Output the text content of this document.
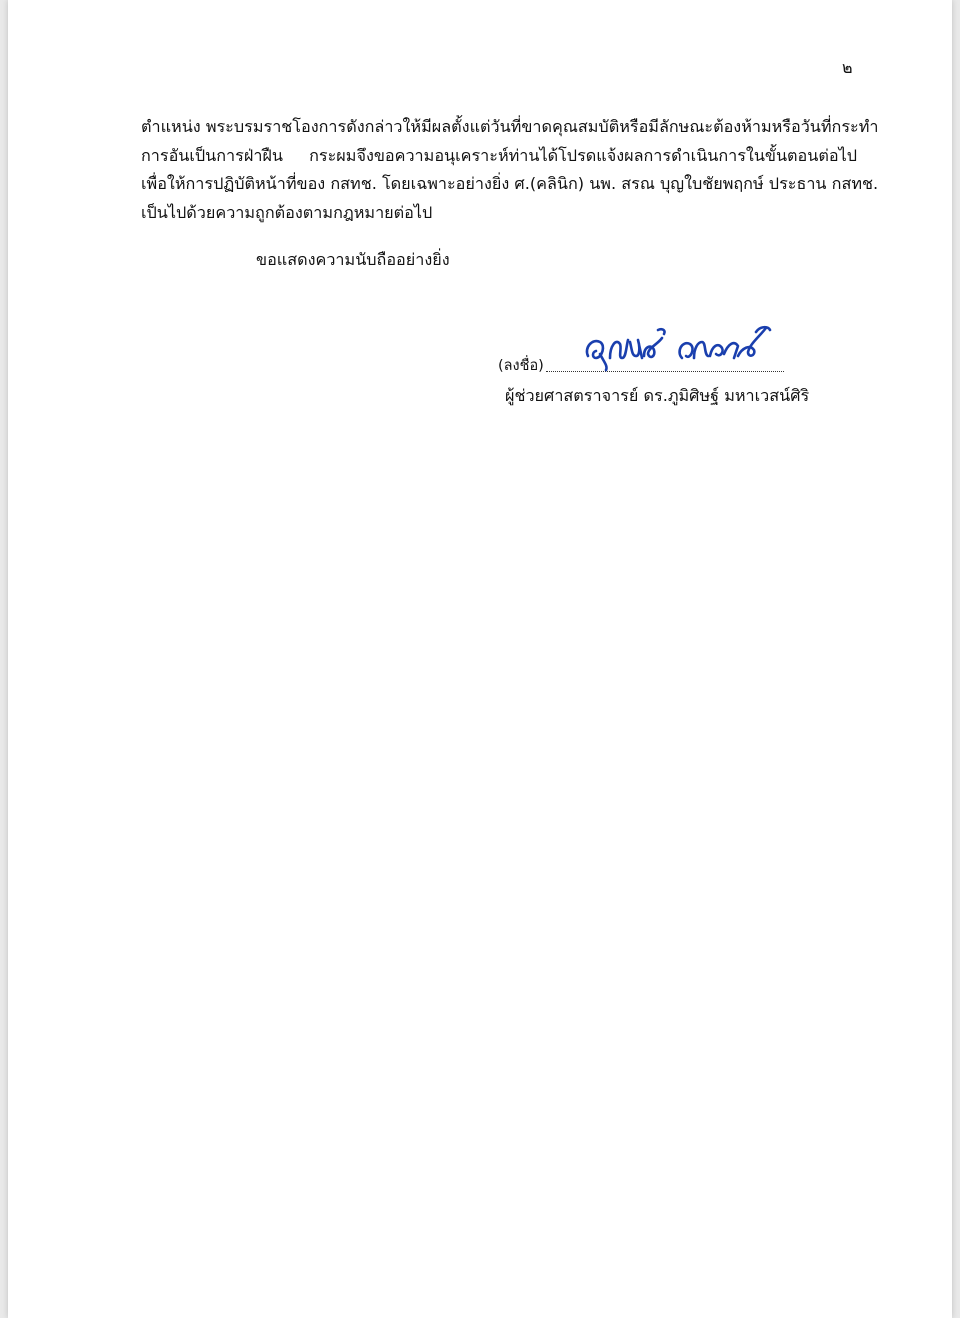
๒

ตำแหน่ง พระบรมราชโองการดังกล่าวให้มีผลตั้งแต่วันที่ขาดคุณสมบัติหรือมีลักษณะต้องห้ามหรือวันที่กระทำ
การอันเป็นการฝ่าฝืน กระผมจึงขอความอนุเคราะห์ท่านได้โปรดแจ้งผลการดำเนินการในขั้นตอนต่อไป
เพื่อให้การปฏิบัติหน้าที่ของ กสทช. โดยเฉพาะอย่างยิ่ง ศ.(คลินิก) นพ. สรณ บุญใบชัยพฤกษ์ ประธาน กสทช.
เป็นไปด้วยความถูกต้องตามกฎหมายต่อไป

ขอแสดงความนับถืออย่างยิ่ง
(ลงชื่อ)
ผู้ช่วยศาสตราจารย์ ดร.ภูมิศิษฐ์ มหาเวสน์ศิริ
